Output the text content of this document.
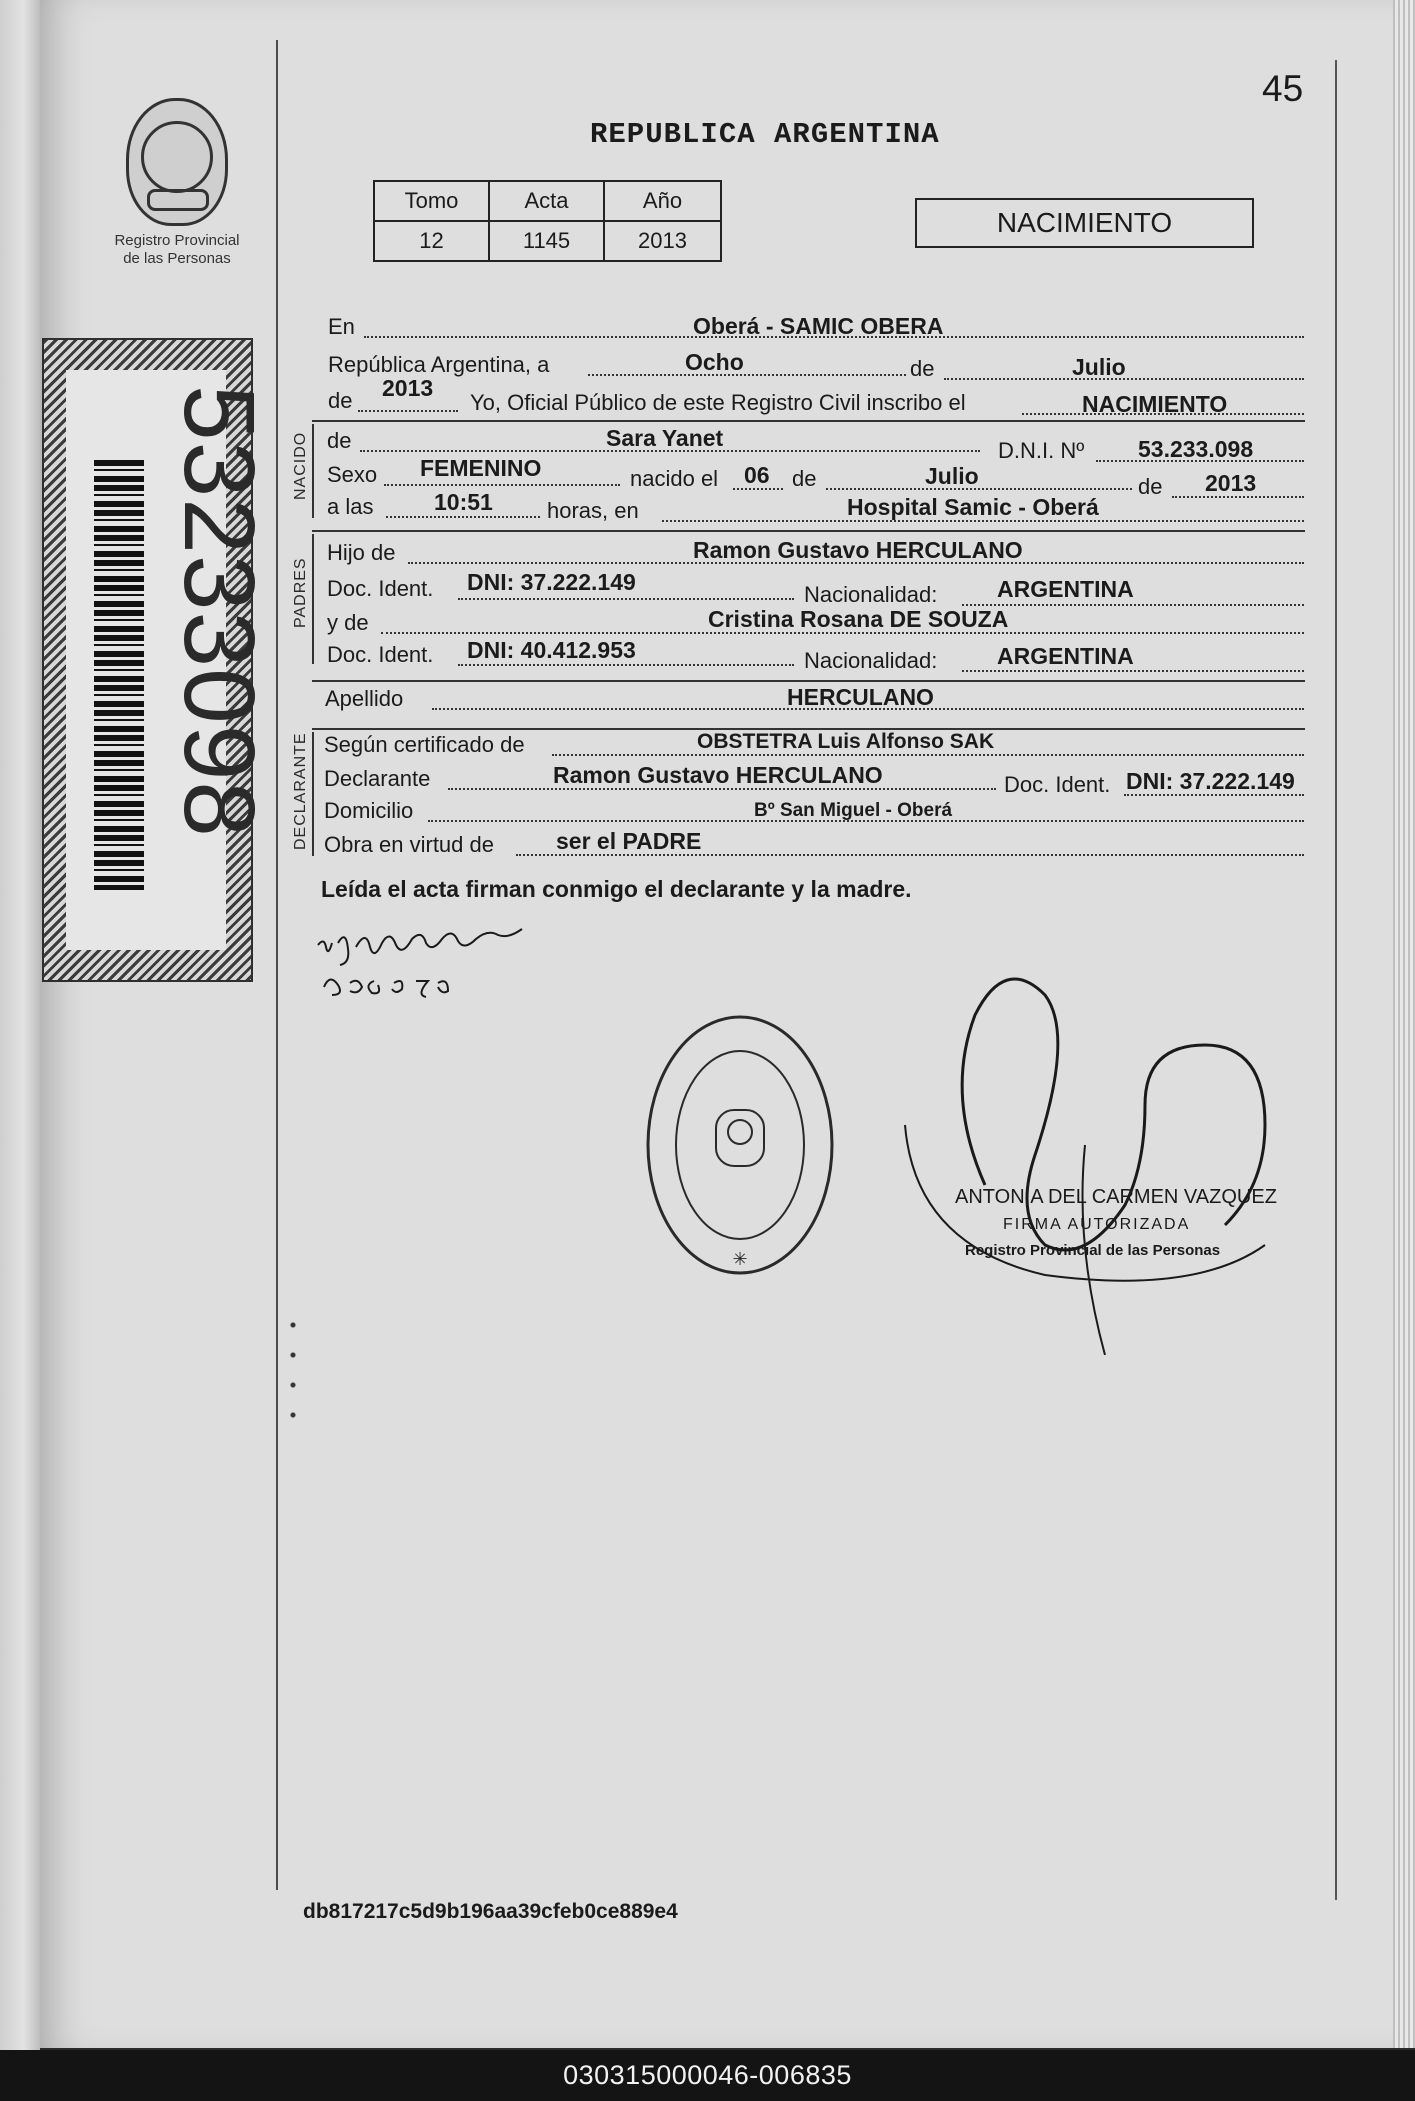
45
REPUBLICA ARGENTINA
Registro Provincial
de las Personas
53233098
Tomo	Acta	Año
12	1145	2013
NACIMIENTO
En	Oberá - SAMIC OBERA
República Argentina, a	Ocho	de	Julio
de 2013
Yo, Oficial Público de este Registro Civil inscribo el	NACIMIENTO
NACIDO de	Sara Yanet	D.N.I. Nº 53.233.098
Sexo FEMENINO	nacido el 06 de	Julio	de 2013
a las	10:51 horas, en	Hospital Samic - Oberá
PADRES
Hijo de	Ramon Gustavo HERCULANO
Doc. Ident. DNI: 37.222.149	Nacionalidad:	ARGENTINA
y de	Cristina Rosana DE SOUZA
Doc. Ident. DNI: 40.412.953	Nacionalidad:	ARGENTINA
Apellido	HERCULANO
DECLARANTE Según certificado de	OBSTETRA Luis Alfonso SAK
Declarante	Ramon Gustavo HERCULANO	Doc. Ident. DNI: 37.222.149
Domicilio	Bº San Miguel - Oberá
Obra en virtud de	ser el PADRE
Leída el acta firman conmigo el declarante y la madre.
✳
ANTONIA DEL CARMEN VAZQUEZ
FIRMA AUTORIZADA
Registro Provincial de las Personas
db817217c5d9b196aa39cfeb0ce889e4
030315000046-006835
